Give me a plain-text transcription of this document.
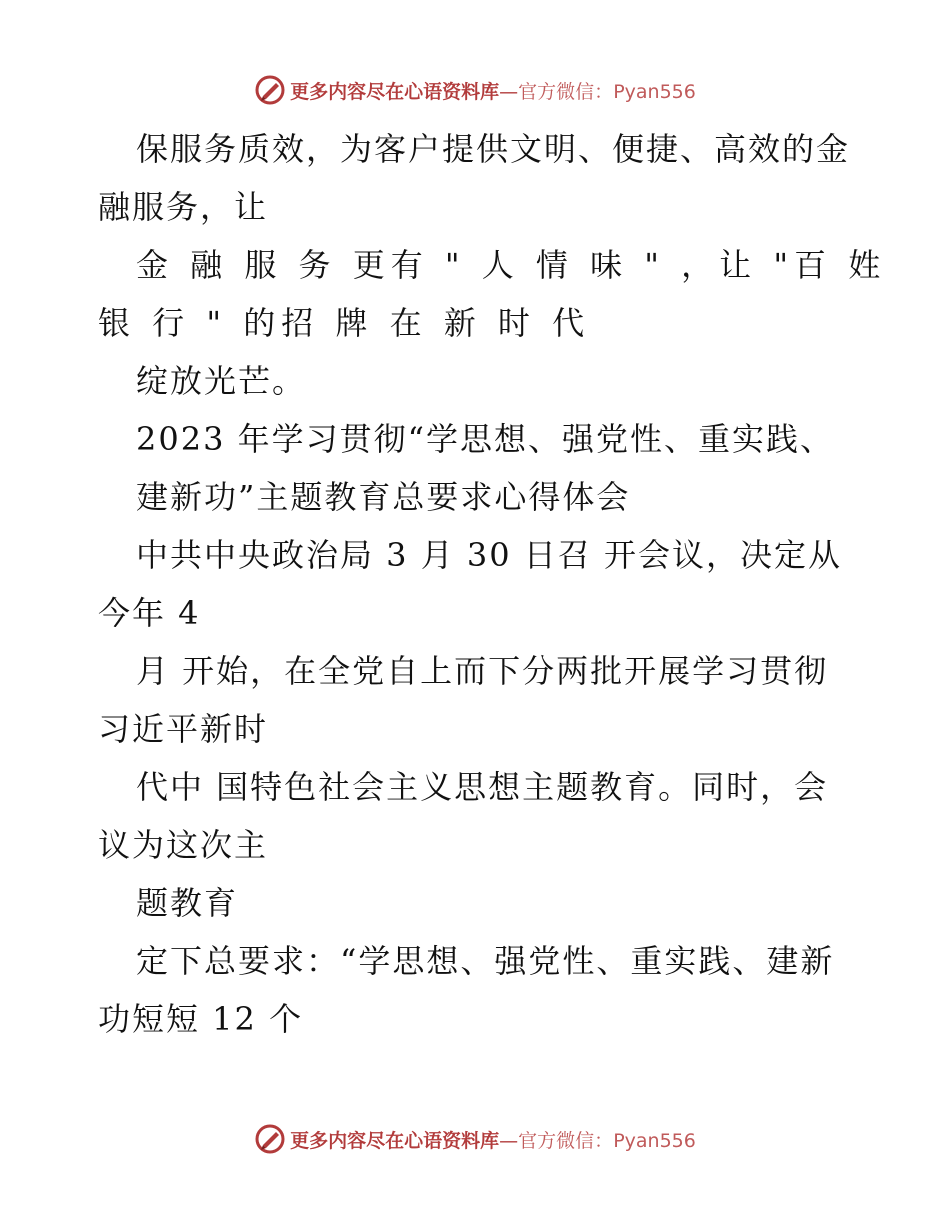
更多内容尽在心语资料库—官方微信：Pyan556
保服务质效，为客户提供文明、便捷、高效的金
融服务，让
金 融 服 务 更有 " 人 情 味 " ，让 "百 姓
银 行 " 的招 牌 在 新 时 代
绽放光芒。
2023 年学习贯彻“学思想、强党性、重实践、
建新功”主题教育总要求心得体会
中共中央政治局 3 月 30 日召 开会议，决定从
今年 4
月 开始，在全党自上而下分两批开展学习贯彻
习近平新时
代中 国特色社会主义思想主题教育。同时，会
议为这次主
题教育
定下总要求：“学思想、强党性、重实践、建新
功短短 12 个
更多内容尽在心语资料库—官方微信：Pyan556
